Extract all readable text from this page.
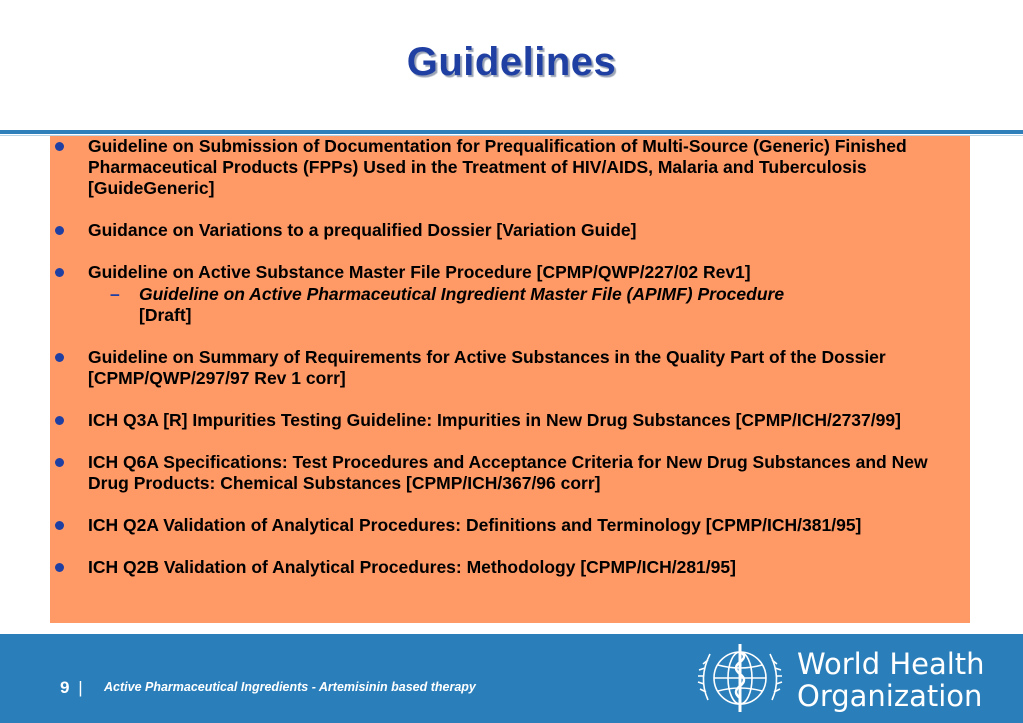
Guidelines
Guideline on Submission of Documentation for Prequalification of Multi-Source (Generic) Finished Pharmaceutical Products (FPPs) Used in the Treatment of HIV/AIDS, Malaria and Tuberculosis [GuideGeneric]
Guidance on Variations to a prequalified Dossier [Variation Guide]
Guideline on Active Substance Master File Procedure [CPMP/QWP/227/02 Rev1]
– Guideline on Active Pharmaceutical Ingredient Master File (APIMF) Procedure
[Draft]
Guideline on Summary of Requirements for Active Substances in the Quality Part of the Dossier [CPMP/QWP/297/97 Rev 1 corr]
ICH Q3A [R] Impurities Testing Guideline: Impurities in New Drug Substances [CPMP/ICH/2737/99]
ICH Q6A Specifications: Test Procedures and Acceptance Criteria for New Drug Substances and New Drug Products: Chemical Substances [CPMP/ICH/367/96 corr]
ICH Q2A Validation of Analytical Procedures: Definitions and Terminology [CPMP/ICH/381/95]
ICH Q2B Validation of Analytical Procedures: Methodology [CPMP/ICH/281/95]
9 | Active Pharmaceutical Ingredients - Artemisinin based therapy
World Health
Organization
